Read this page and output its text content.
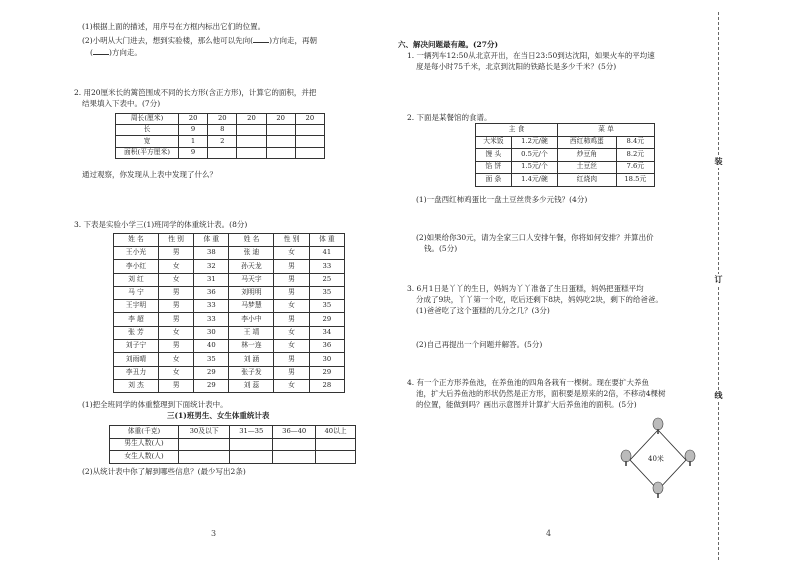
(1)根据上面的描述，用序号在方框内标出它们的位置。
(2)小明从大门进去，想到实验楼，那么他可以先向( )方向走，再朝
( )方向走。
2. 用20厘米长的篱笆围成不同的长方形(含正方形)，计算它的面积，并把
结果填入下表中。(7分)
周长(厘米)	20	20	20	20	20
长	9	8			
宽	1	2			
面积(平方厘米)	9				
通过观察，你发现从上表中发现了什么？
3. 下表是实验小学三(1)班同学的体重统计表。(8分)
姓 名	性 别	体 重	姓 名	性 别	体 重
王小光	男	38	张 迪	女	41
李小红	女	32	孙天龙	男	33
刘 红	女	31	马天宇	男	25
马 宁	男	36	刘明明	男	35
王宇明	男	33	马梦慧	女	35
李 超	男	33	李小中	男	29
张 芳	女	30	王 靖	女	34
刘子宁	男	40	林一连	女	36
刘雨晴	女	35	刘 涵	男	30
李丑力	女	29	张子发	男	29
刘 杰	男	29	刘 蕊	女	28
(1)把全班同学的体重整理到下面统计表中。
三(1)班男生、女生体重统计表
体重(千克)	30及以下	31—35	36—40	40以上
男生人数(人)				
女生人数(人)				
(2)从统计表中你了解到哪些信息？(最少写出2条)
3
六、解决问题最有趣。(27分)
1. 一辆列车12:50从北京开出，在当日23:50到达沈阳，如果火车的平均速
度是每小时75千米，北京到沈阳的铁路长是多少千米？(5分)
2. 下面是某餐馆的食谱。
主 食		菜 单	
大米饭	1.2元/碗	西红柿鸡蛋	8.4元
馒 头	0.5元/个	炒豆角	8.2元
馅 饼	1.5元/个	土豆丝	7.6元
面 条	1.4元/碗	红烧肉	18.5元
(1)一盘西红柿鸡蛋比一盘土豆丝贵多少元钱？(4分)
(2)如果给你30元，请为全家三口人安排午餐，你将如何安排？并算出价
钱。(5分)
3. 6月1日是丫丫的生日，妈妈为丫丫准备了生日蛋糕，妈妈把蛋糕平均
分成了9块，丫丫第一个吃，吃后还剩下8块，妈妈吃2块，剩下的给爸爸。
(1)爸爸吃了这个蛋糕的几分之几？(3分)
(2)自己再提出一个问题并解答。(5分)
4. 有一个正方形养鱼池，在养鱼池的四角各栽有一棵树。现在要扩大养鱼
池，扩大后养鱼池的形状仍然是正方形，面积要是原来的2倍，不移动4棵树
的位置，能做到吗？画出示意图并计算扩大后养鱼池的面积。(5分)
40米
4
装
订
线
